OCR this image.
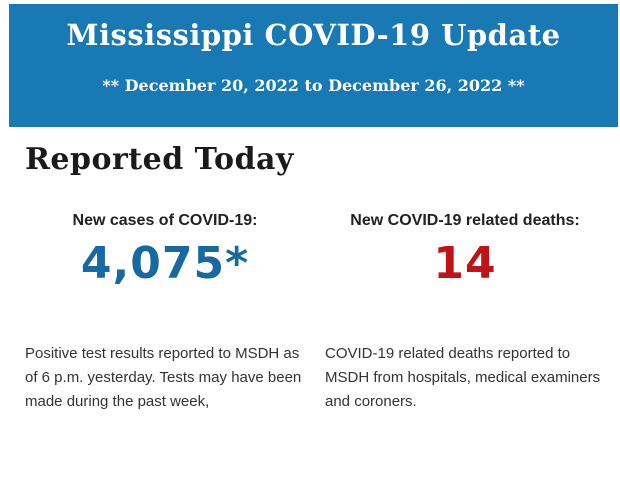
Mississippi COVID-19 Update

** December 20, 2022 to December 26, 2022 **

Reported Today
New cases of COVID-19:
4,075*

Positive test results reported to MSDH as
of 6 p.m. yesterday. Tests may have been
made during the past week,

New COVID-19 related deaths:
14

COVID-19 related deaths reported to
MSDH from hospitals, medical examiners
and coroners.
